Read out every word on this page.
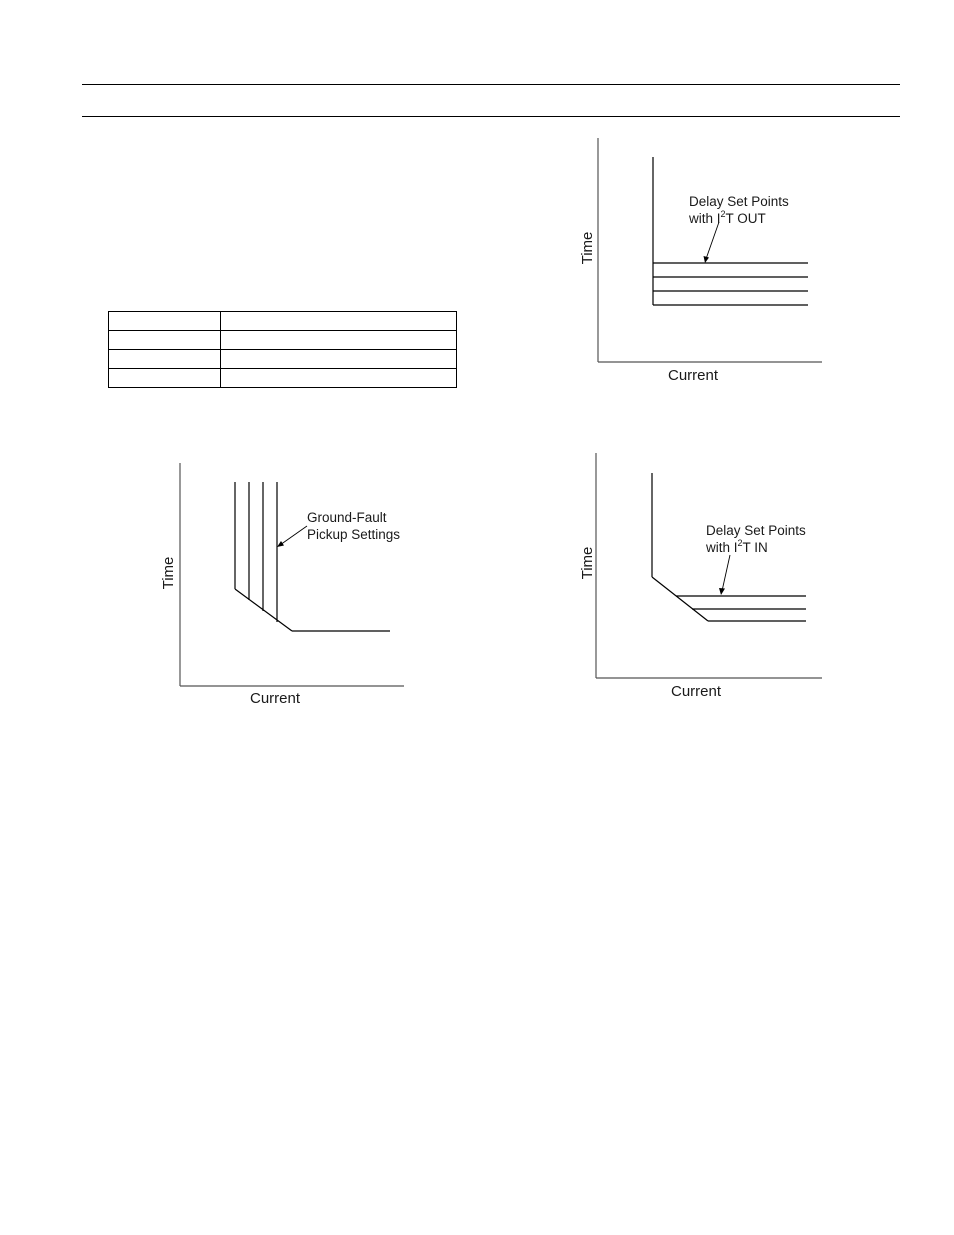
Delay Set Points
with $I^2T$ OUT
Time
Current
Ground-Fault
Pickup Settings
Time
Current
Delay Set Points
with $I^2T$ IN
Time
Current
